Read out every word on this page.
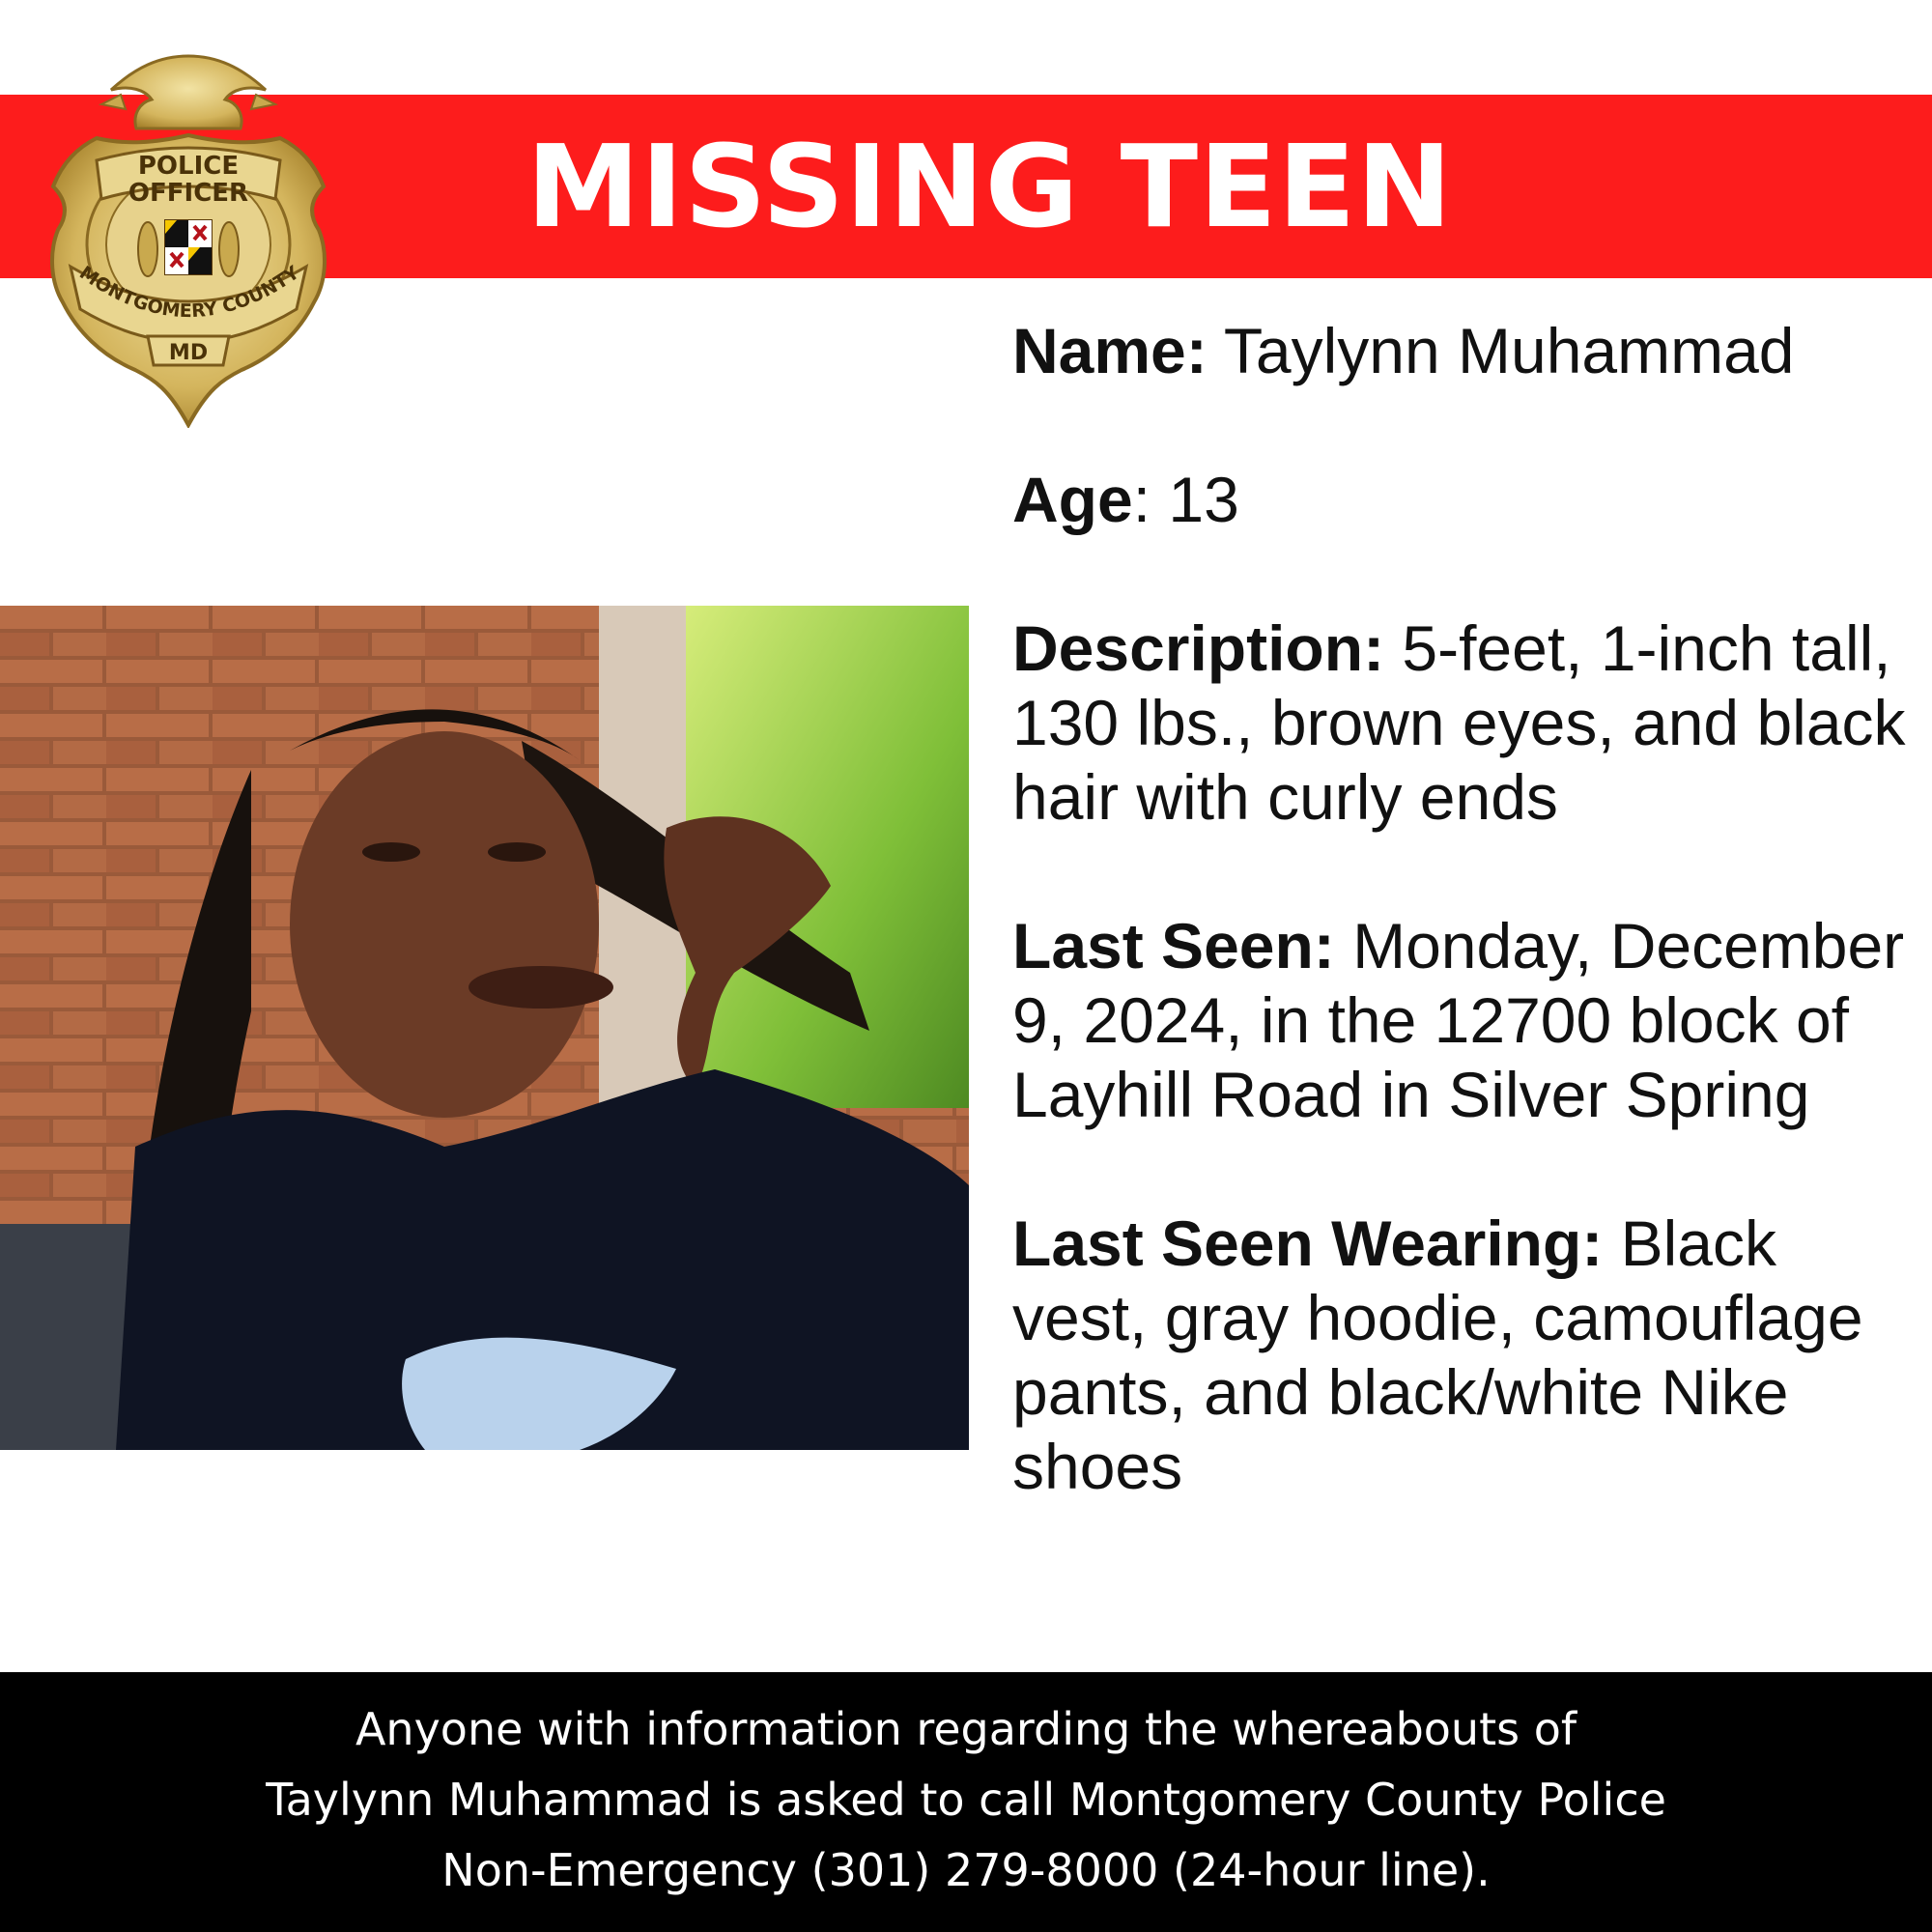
MISSING TEEN
POLICE
OFFICER
MONTGOMERY COUNTY
MD	Name: Taylynn Muhammad

Age: 13

Description: 5-feet, 1-inch tall, 130 lbs., brown eyes, and black hair with curly ends

Last Seen: Monday, December 9, 2024, in the 12700 block of Layhill Road in Silver Spring

Last Seen Wearing: Black vest, gray hoodie, camouflage pants, and black/white Nike shoes

Anyone with information regarding the whereabouts of
Taylynn Muhammad is asked to call Montgomery County Police
Non-Emergency (301) 279-8000 (24-hour line).
